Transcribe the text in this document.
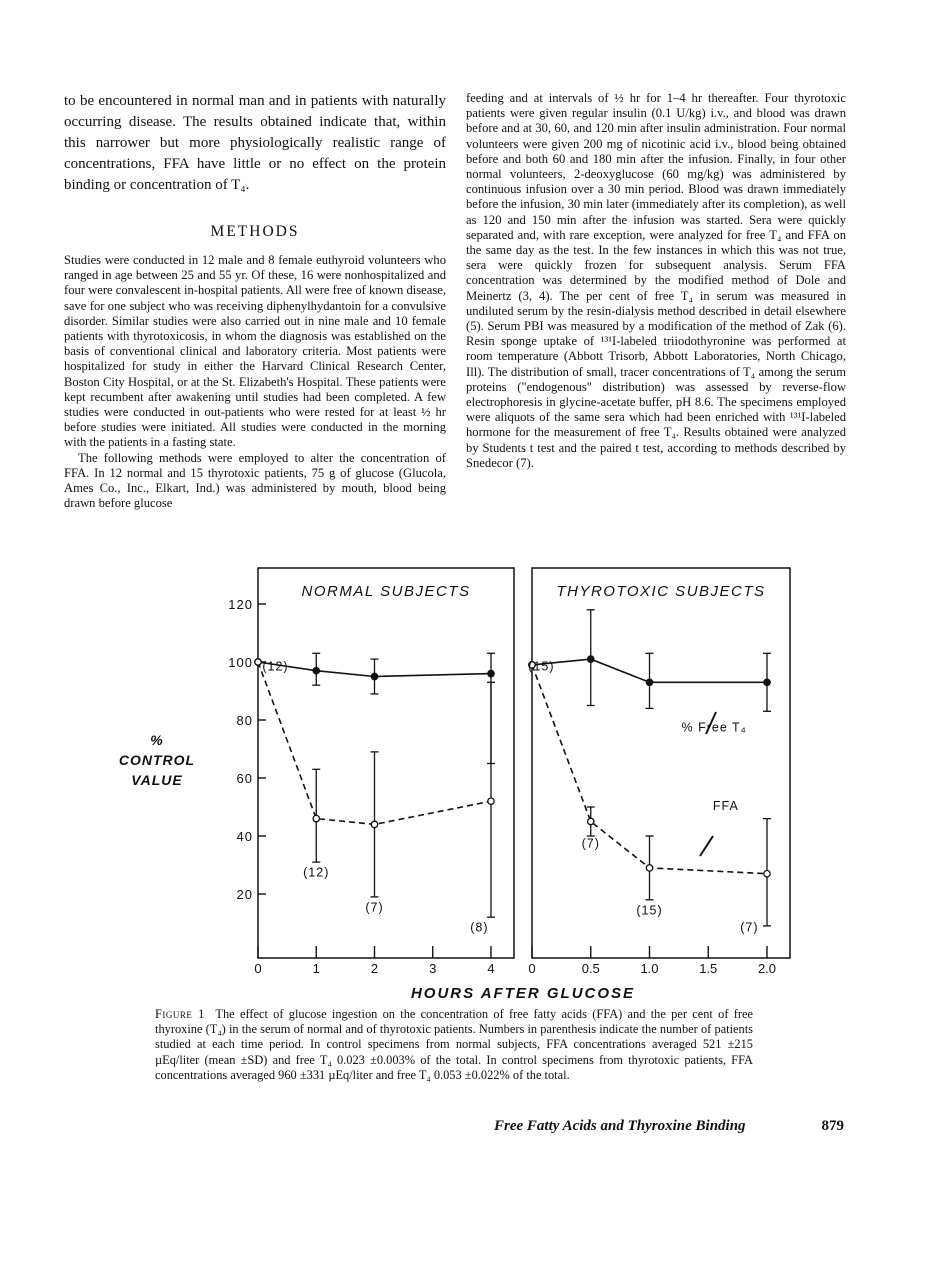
to be encountered in normal man and in patients with naturally occurring disease. The results obtained indicate that, within this narrower but more physiologically realistic range of concentrations, FFA have little or no effect on the protein binding or concentration of T₄.

METHODS

Studies were conducted in 12 male and 8 female euthyroid volunteers who ranged in age between 25 and 55 yr. Of these, 16 were nonhospitalized and four were convalescent in-hospital patients. All were free of known disease, save for one subject who was receiving diphenylhydantoin for a convulsive disorder. Similar studies were also carried out in nine male and 10 female patients with thyrotoxicosis, in whom the diagnosis was established on the basis of conventional clinical and laboratory criteria. Most patients were hospitalized for study in either the Harvard Clinical Research Center, Boston City Hospital, or at the St. Elizabeth's Hospital. These patients were kept recumbent after awakening until studies had been completed. A few studies were conducted in out-patients who were rested for at least ½ hr before studies were initiated. All studies were conducted in the morning with the patients in a fasting state.

The following methods were employed to alter the concentration of FFA. In 12 normal and 15 thyrotoxic patients, 75 g of glucose (Glucola, Ames Co., Inc., Elkart, Ind.) was administered by mouth, blood being drawn before glucose

feeding and at intervals of ½ hr for 1–4 hr thereafter. Four thyrotoxic patients were given regular insulin (0.1 U/kg) i.v., and blood was drawn before and at 30, 60, and 120 min after insulin administration. Four normal volunteers were given 200 mg of nicotinic acid i.v., blood being obtained before and both 60 and 180 min after the infusion. Finally, in four other normal volunteers, 2-deoxyglucose (60 mg/kg) was administered by continuous infusion over a 30 min period. Blood was drawn immediately before the infusion, 30 min later (immediately after its completion), as well as 120 and 150 min after the infusion was started. Sera were quickly separated and, with rare exception, were analyzed for free T₄ and FFA on the same day as the test. In the few instances in which this was not true, sera were quickly frozen for subsequent analysis. Serum FFA concentration was determined by the modified method of Dole and Meinertz (3, 4). The per cent of free T₄ in serum was measured in undiluted serum by the resin-dialysis method described in detail elsewhere (5). Serum PBI was measured by a modification of the method of Zak (6). Resin sponge uptake of ¹³¹I-labeled triiodothyronine was performed at room temperature (Abbott Trisorb, Abbott Laboratories, North Chicago, Ill). The distribution of small, tracer concentrations of T₄ among the serum proteins ("endogenous" distribution) was assessed by reverse-flow electrophoresis in glycine-acetate buffer, pH 8.6. The specimens employed were aliquots of the same sera which had been enriched with ¹³¹I-labeled hormone for the measurement of free T₄. Results obtained were analyzed by Students t test and the paired t test, according to methods described by Snedecor (7).

NORMAL SUBJECTS
20
40
60
80
100
120
0	1	2	3	4
(12)
(12)
(7)
(8)
THYROTOXIC SUBJECTS
0	0.5	1.0	1.5	2.0
(15)
(7)
(15)
(7)
% Free T₄
FFA
HOURS AFTER GLUCOSE
%
CONTROL
VALUE

Figure 1 The effect of glucose ingestion on the concentration of free fatty acids (FFA) and the per cent of free thyroxine (T₄) in the serum of normal and of thyrotoxic patients. Numbers in parenthesis indicate the number of patients studied at each time period. In control specimens from normal subjects, FFA concentrations averaged 521 ±215 µEq/liter (mean ±SD) and free T₄ 0.023 ±0.003% of the total. In control specimens from thyrotoxic patients, FFA concentrations averaged 960 ±331 µEq/liter and free T₄ 0.053 ±0.022% of the total.

Free Fatty Acids and Thyroxine Binding	879
